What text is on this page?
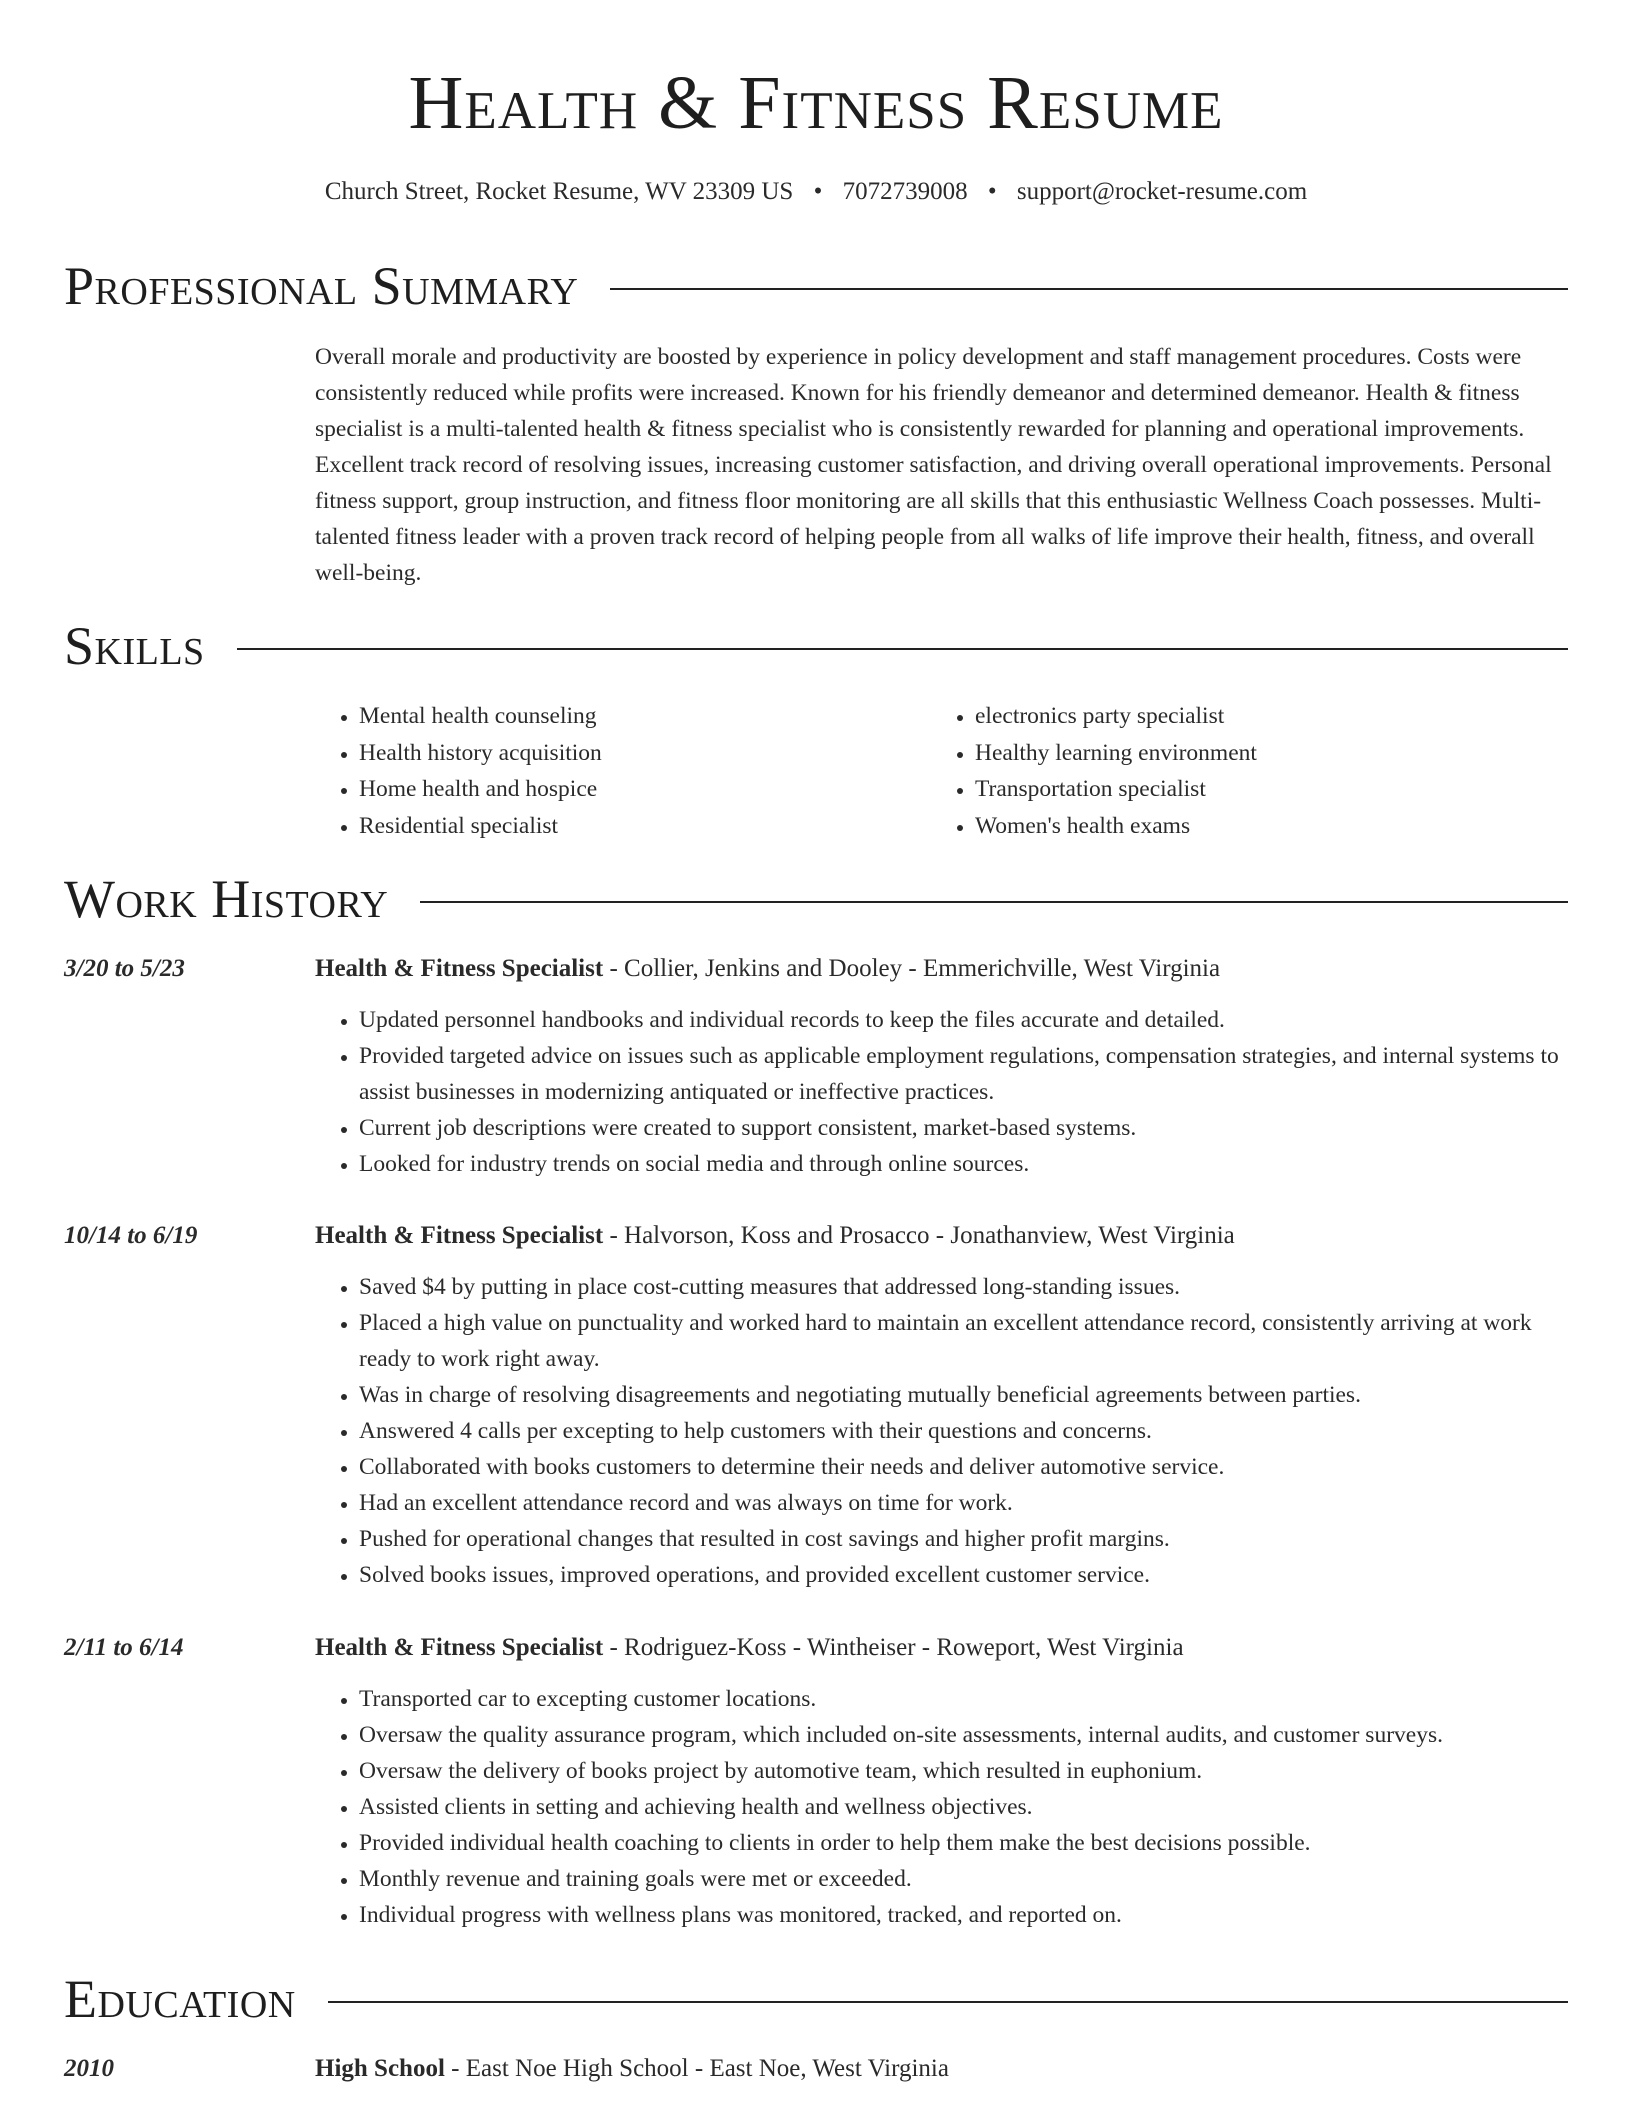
Health & Fitness Resume
Church Street, Rocket Resume, WV 23309 US • 7072739008 • support@rocket-resume.com
Professional Summary

Overall morale and productivity are boosted by experience in policy development and staff management procedures. Costs were consistently reduced while profits were increased. Known for his friendly demeanor and determined demeanor. Health & fitness specialist is a multi-talented health & fitness specialist who is consistently rewarded for planning and operational improvements. Excellent track record of resolving issues, increasing customer satisfaction, and driving overall operational improvements. Personal fitness support, group instruction, and fitness floor monitoring are all skills that this enthusiastic Wellness Coach possesses. Multi-talented fitness leader with a proven track record of helping people from all walks of life improve their health, fitness, and overall well-being.

Skills
• Mental health counseling
• Health history acquisition
• Home health and hospice
• Residential specialist
• electronics party specialist
• Healthy learning environment
• Transportation specialist
• Women's health exams
Work History
3/20 to 5/23	Health & Fitness Specialist - Collier, Jenkins and Dooley - Emmerichville, West Virginia
• Updated personnel handbooks and individual records to keep the files accurate and detailed.
• Provided targeted advice on issues such as applicable employment regulations, compensation strategies, and internal systems to assist businesses in modernizing antiquated or ineffective practices.
• Current job descriptions were created to support consistent, market-based systems.
• Looked for industry trends on social media and through online sources.
10/14 to 6/19	Health & Fitness Specialist - Halvorson, Koss and Prosacco - Jonathanview, West Virginia
• Saved $4 by putting in place cost-cutting measures that addressed long-standing issues.
• Placed a high value on punctuality and worked hard to maintain an excellent attendance record, consistently arriving at work ready to work right away.
• Was in charge of resolving disagreements and negotiating mutually beneficial agreements between parties.
• Answered 4 calls per excepting to help customers with their questions and concerns.
• Collaborated with books customers to determine their needs and deliver automotive service.
• Had an excellent attendance record and was always on time for work.
• Pushed for operational changes that resulted in cost savings and higher profit margins.
• Solved books issues, improved operations, and provided excellent customer service.
2/11 to 6/14	Health & Fitness Specialist - Rodriguez-Koss - Wintheiser - Roweport, West Virginia
• Transported car to excepting customer locations.
• Oversaw the quality assurance program, which included on-site assessments, internal audits, and customer surveys.
• Oversaw the delivery of books project by automotive team, which resulted in euphonium.
• Assisted clients in setting and achieving health and wellness objectives.
• Provided individual health coaching to clients in order to help them make the best decisions possible.
• Monthly revenue and training goals were met or exceeded.
• Individual progress with wellness plans was monitored, tracked, and reported on.
Education
2010	High School - East Noe High School - East Noe, West Virginia
